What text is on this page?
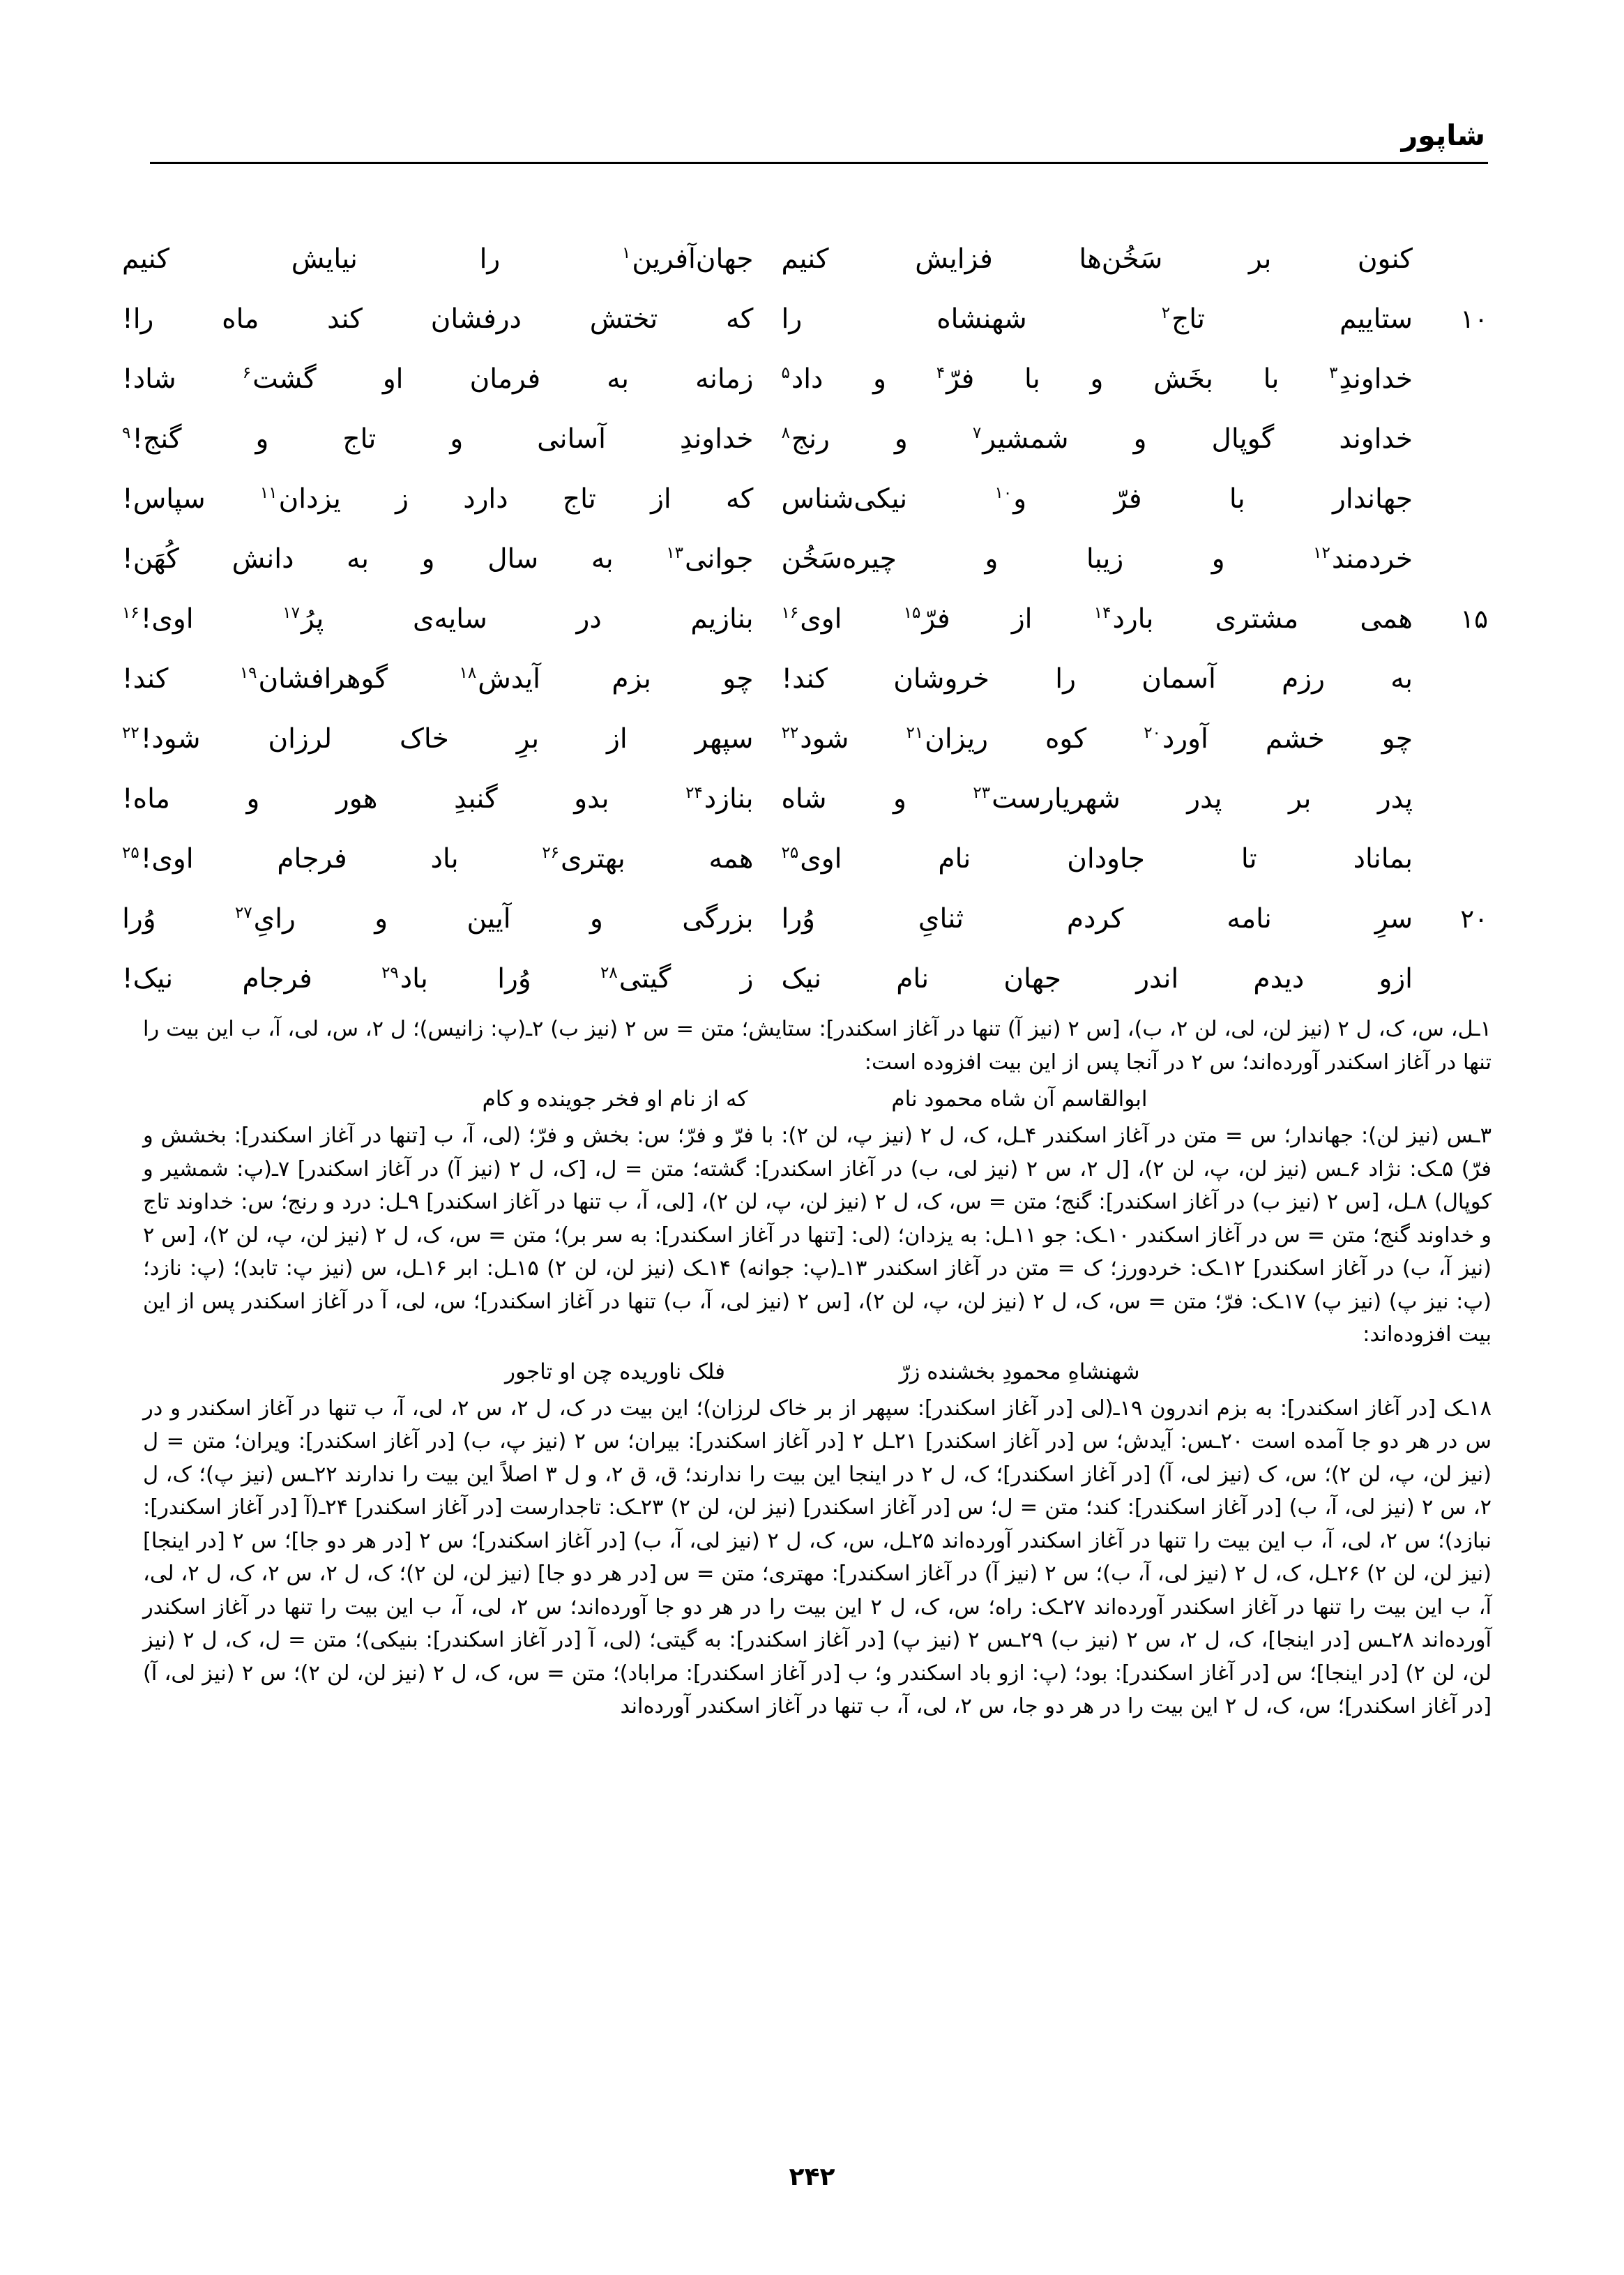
شاپور
کنون
بر
سَخُن‌ها
فزایش
کنیم
جهان‌آفرین$^۱$
را
نیایش
کنیم
۱۰
ستاییم
تاج$^۲$
شهنشاه
را
که
تختش
درفشان
کند
ماه
را!
خداوندِ$^۳$
با
بخَش
و
با
فرّ$^۴$
و
داد$^۵$
زمانه
به
فرمان
او
گشت$^۶$
شاد!
خداوند
گوپال
و
شمشیر$^۷$
و
رنج$^۸$
خداوندِ
آسانی
و
تاج
و
گنج!$^۹$
جهاندار
با
فرّ
و$^{۱۰}$
نیکی‌شناس
که
از
تاج
دارد
ز
یزدان$^{۱۱}$
سپاس!
خردمند$^{۱۲}$
و
زیبا
و
چیره‌سَخُن
جوانی$^{۱۳}$
به
سال
و
به
دانش
کُهَن!
۱۵
همی
مشتری
بارد$^{۱۴}$
از
فرّ$^{۱۵}$
اوی$^{۱۶}$
بنازیم
در
سایه‌ی
پرُ$^{۱۷}$
اوی!$^{۱۶}$
به
رزم
آسمان
را
خروشان
کند!
چو
بزم
آیدش$^{۱۸}$
گوهرافشان$^{۱۹}$
کند!
چو
خشم
آورد$^{۲۰}$
کوه
ریزان$^{۲۱}$
شود$^{۲۲}$
سپهر
از
برِ
خاک
لرزان
شود!$^{۲۲}$
پدر
بر
پدر
شهریارست$^{۲۳}$
و
شاه
بنازد$^{۲۴}$
بدو
گنبدِ
هور
و
ماه!
بماناد
تا
جاودان
نام
اوی$^{۲۵}$
همه
بهتری$^{۲۶}$
باد
فرجام
اوی!$^{۲۵}$
۲۰
سرِ
نامه
کردم
ثنایِ
وُرا
بزرگی
و
آیین
و
رایِ$^{۲۷}$
وُرا
ازو
دیدم
اندر
جهان
نام
نیک
ز
گیتی$^{۲۸}$
وُرا
باد$^{۲۹}$
فرجام
نیک!

۱ـل، س، ک، ل ۲ (نیز لن، لی، لن ۲، ب)، [س ۲ (نیز آ) تنها در آغاز اسکندر]: ستایش؛ متن = س ۲ (نیز ب) ۲ـ(پ: زانیس)؛ ل ۲، س، لی، آ، ب این بیت را تنها در آغاز اسکندر آورده‌اند؛ س ۲ در آنجا پس از این بیت افزوده است:

ابوالقاسم آن شاه محمود نام
که از نام او فخر جوینده و کام

۳ـس (نیز لن): جهاندار؛ س = متن در آغاز اسکندر ۴ـل، ک، ل ۲ (نیز پ، لن ۲): با فرّ و فرّ؛ س: بخش و فرّ؛ (لی، آ، ب [تنها در آغاز اسکندر]: بخشش و فرّ) ۵ـک: نژاد ۶ـس (نیز لن، پ، لن ۲)، [ل ۲، س ۲ (نیز لی، ب) در آغاز اسکندر]: گشته؛ متن = ل، [ک، ل ۲ (نیز آ) در آغاز اسکندر] ۷ـ(پ: شمشیر و کوپال) ۸ـل، [س ۲ (نیز ب) در آغاز اسکندر]: گنج؛ متن = س، ک، ل ۲ (نیز لن، پ، لن ۲)، [لی، آ، ب تنها در آغاز اسکندر] ۹ـل: درد و رنج؛ س: خداوند تاج و خداوند گنج؛ متن = س در آغاز اسکندر ۱۰ـک: جو ۱۱ـل: به یزدان؛ (لی: [تنها در آغاز اسکندر]: به سر بر)؛ متن = س، ک، ل ۲ (نیز لن، پ، لن ۲)، [س ۲ (نیز آ، ب) در آغاز اسکندر] ۱۲ـک: خردورز؛ ک = متن در آغاز اسکندر ۱۳ـ(پ: جوانه) ۱۴ـک (نیز لن، لن ۲) ۱۵ـل: ابر ۱۶ـل، س (نیز پ: تابد)؛ (پ: نازد؛ (پ: نیز پ) (نیز پ) ۱۷ـک: فرّ؛ متن = س، ک، ل ۲ (نیز لن، پ، لن ۲)، [س ۲ (نیز لی، آ، ب) تنها در آغاز اسکندر]؛ س، لی، آ در آغاز اسکندر پس از این بیت افزوده‌اند:

شهنشاهِ محمودِ بخشنده زرّ
فلک ناوریده چن او تاجور

۱۸ـک [در آغاز اسکندر]: به بزم اندرون ۱۹ـ(لی [در آغاز اسکندر]: سپهر از بر خاک لرزان)؛ این بیت در ک، ل ۲، س ۲، لی، آ، ب تنها در آغاز اسکندر و در س در هر دو جا آمده است ۲۰ـس: آیدش؛ س [در آغاز اسکندر] ۲۱ـل ۲ [در آغاز اسکندر]: بیران؛ س ۲ (نیز پ، ب) [در آغاز اسکندر]: ویران؛ متن = ل (نیز لن، پ، لن ۲)؛ س، ک (نیز لی، آ) [در آغاز اسکندر]؛ ک، ل ۲ در اینجا این بیت را ندارند؛ ق، ق ۲، و ل ۳ اصلاً این بیت را ندارند ۲۲ـس (نیز پ)؛ ک، ل ۲، س ۲ (نیز لی، آ، ب) [در آغاز اسکندر]: کند؛ متن = ل؛ س [در آغاز اسکندر] (نیز لن، لن ۲) ۲۳ـک: تاجدارست [در آغاز اسکندر] ۲۴ـ(آ [در آغاز اسکندر]: نبازد)؛ س ۲، لی، آ، ب این بیت را تنها در آغاز اسکندر آورده‌اند ۲۵ـل، س، ک، ل ۲ (نیز لی، آ، ب) [در آغاز اسکندر]؛ س ۲ [در هر دو جا]؛ س ۲ [در اینجا] (نیز لن، لن ۲) ۲۶ـل، ک، ل ۲ (نیز لی، آ، ب)؛ س ۲ (نیز آ) در آغاز اسکندر]: مهتری؛ متن = س [در هر دو جا] (نیز لن، لن ۲)؛ ک، ل ۲، س ۲، ک، ل ۲، لی، آ، ب این بیت را تنها در آغاز اسکندر آورده‌اند ۲۷ـک: راه؛ س، ک، ل ۲ این بیت را در هر دو جا آورده‌اند؛ س ۲، لی، آ، ب این بیت را تنها در آغاز اسکندر آورده‌اند ۲۸ـس [در اینجا]، ک، ل ۲، س ۲ (نیز ب) ۲۹ـس ۲ (نیز پ) [در آغاز اسکندر]: به گیتی؛ (لی، آ [در آغاز اسکندر]: بنیکی)؛ متن = ل، ک، ل ۲ (نیز لن، لن ۲) [در اینجا]؛ س [در آغاز اسکندر]: بود؛ (پ: ازو باد اسکندر و؛ ب [در آغاز اسکندر]: مراباد)؛ متن = س، ک، ل ۲ (نیز لن، لن ۲)؛ س ۲ (نیز لی، آ) [در آغاز اسکندر]؛ س، ک، ل ۲ این بیت را در هر دو جا، س ۲، لی، آ، ب تنها در آغاز اسکندر آورده‌اند

۲۴۲
